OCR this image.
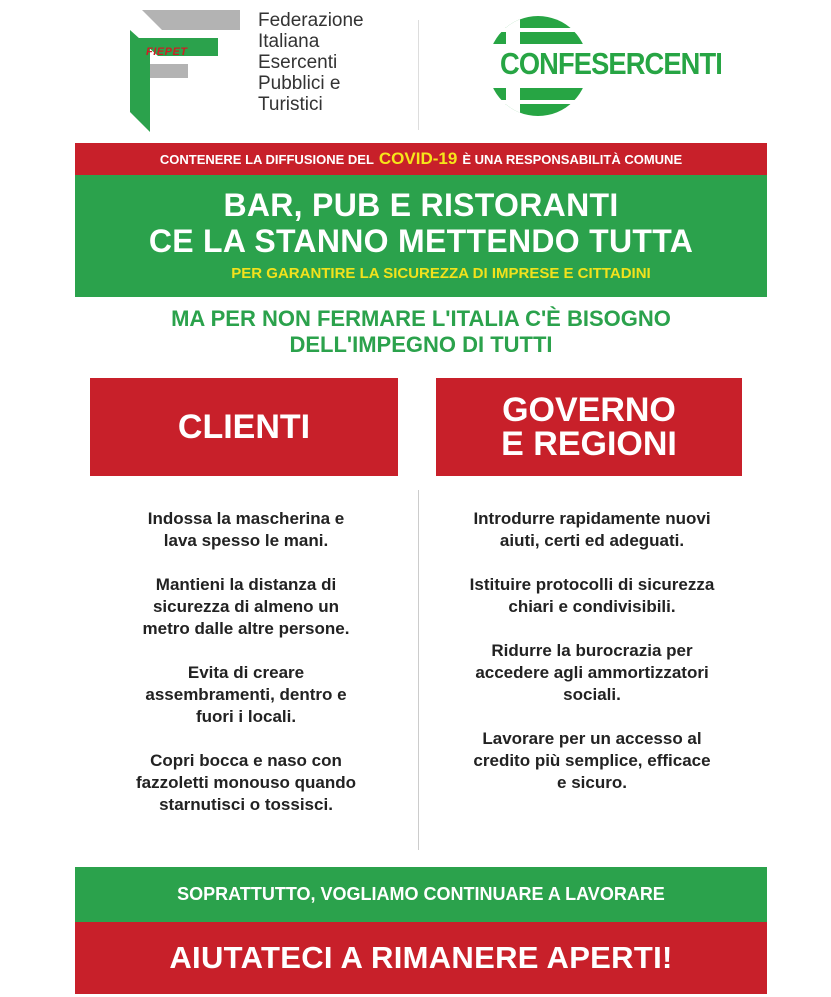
FIEPET
Federazione
Italiana
Esercenti
Pubblici e
Turistici
CONFESERCENTI
CONTENERE LA DIFFUSIONE DEL COVID-19 È UNA RESPONSABILITÀ COMUNE
BAR, PUB E RISTORANTI
CE LA STANNO METTENDO TUTTA
PER GARANTIRE LA SICUREZZA DI IMPRESE E CITTADINI
MA PER NON FERMARE L'ITALIA C'È BISOGNO
DELL'IMPEGNO DI TUTTI
CLIENTI	GOVERNO
E REGIONI
Indossa la mascherina e
lava spesso le mani.
Mantieni la distanza di
sicurezza di almeno un
metro dalle altre persone.
Evita di creare
assembramenti, dentro e
fuori i locali.
Copri bocca e naso con
fazzoletti monouso quando
starnutisci o tossisci.
Introdurre rapidamente nuovi
aiuti, certi ed adeguati.
Istituire protocolli di sicurezza
chiari e condivisibili.
Ridurre la burocrazia per
accedere agli ammortizzatori
sociali.
Lavorare per un accesso al
credito più semplice, efficace
e sicuro.
SOPRATTUTTO, VOGLIAMO CONTINUARE A LAVORARE
AIUTATECI A RIMANERE APERTI!
